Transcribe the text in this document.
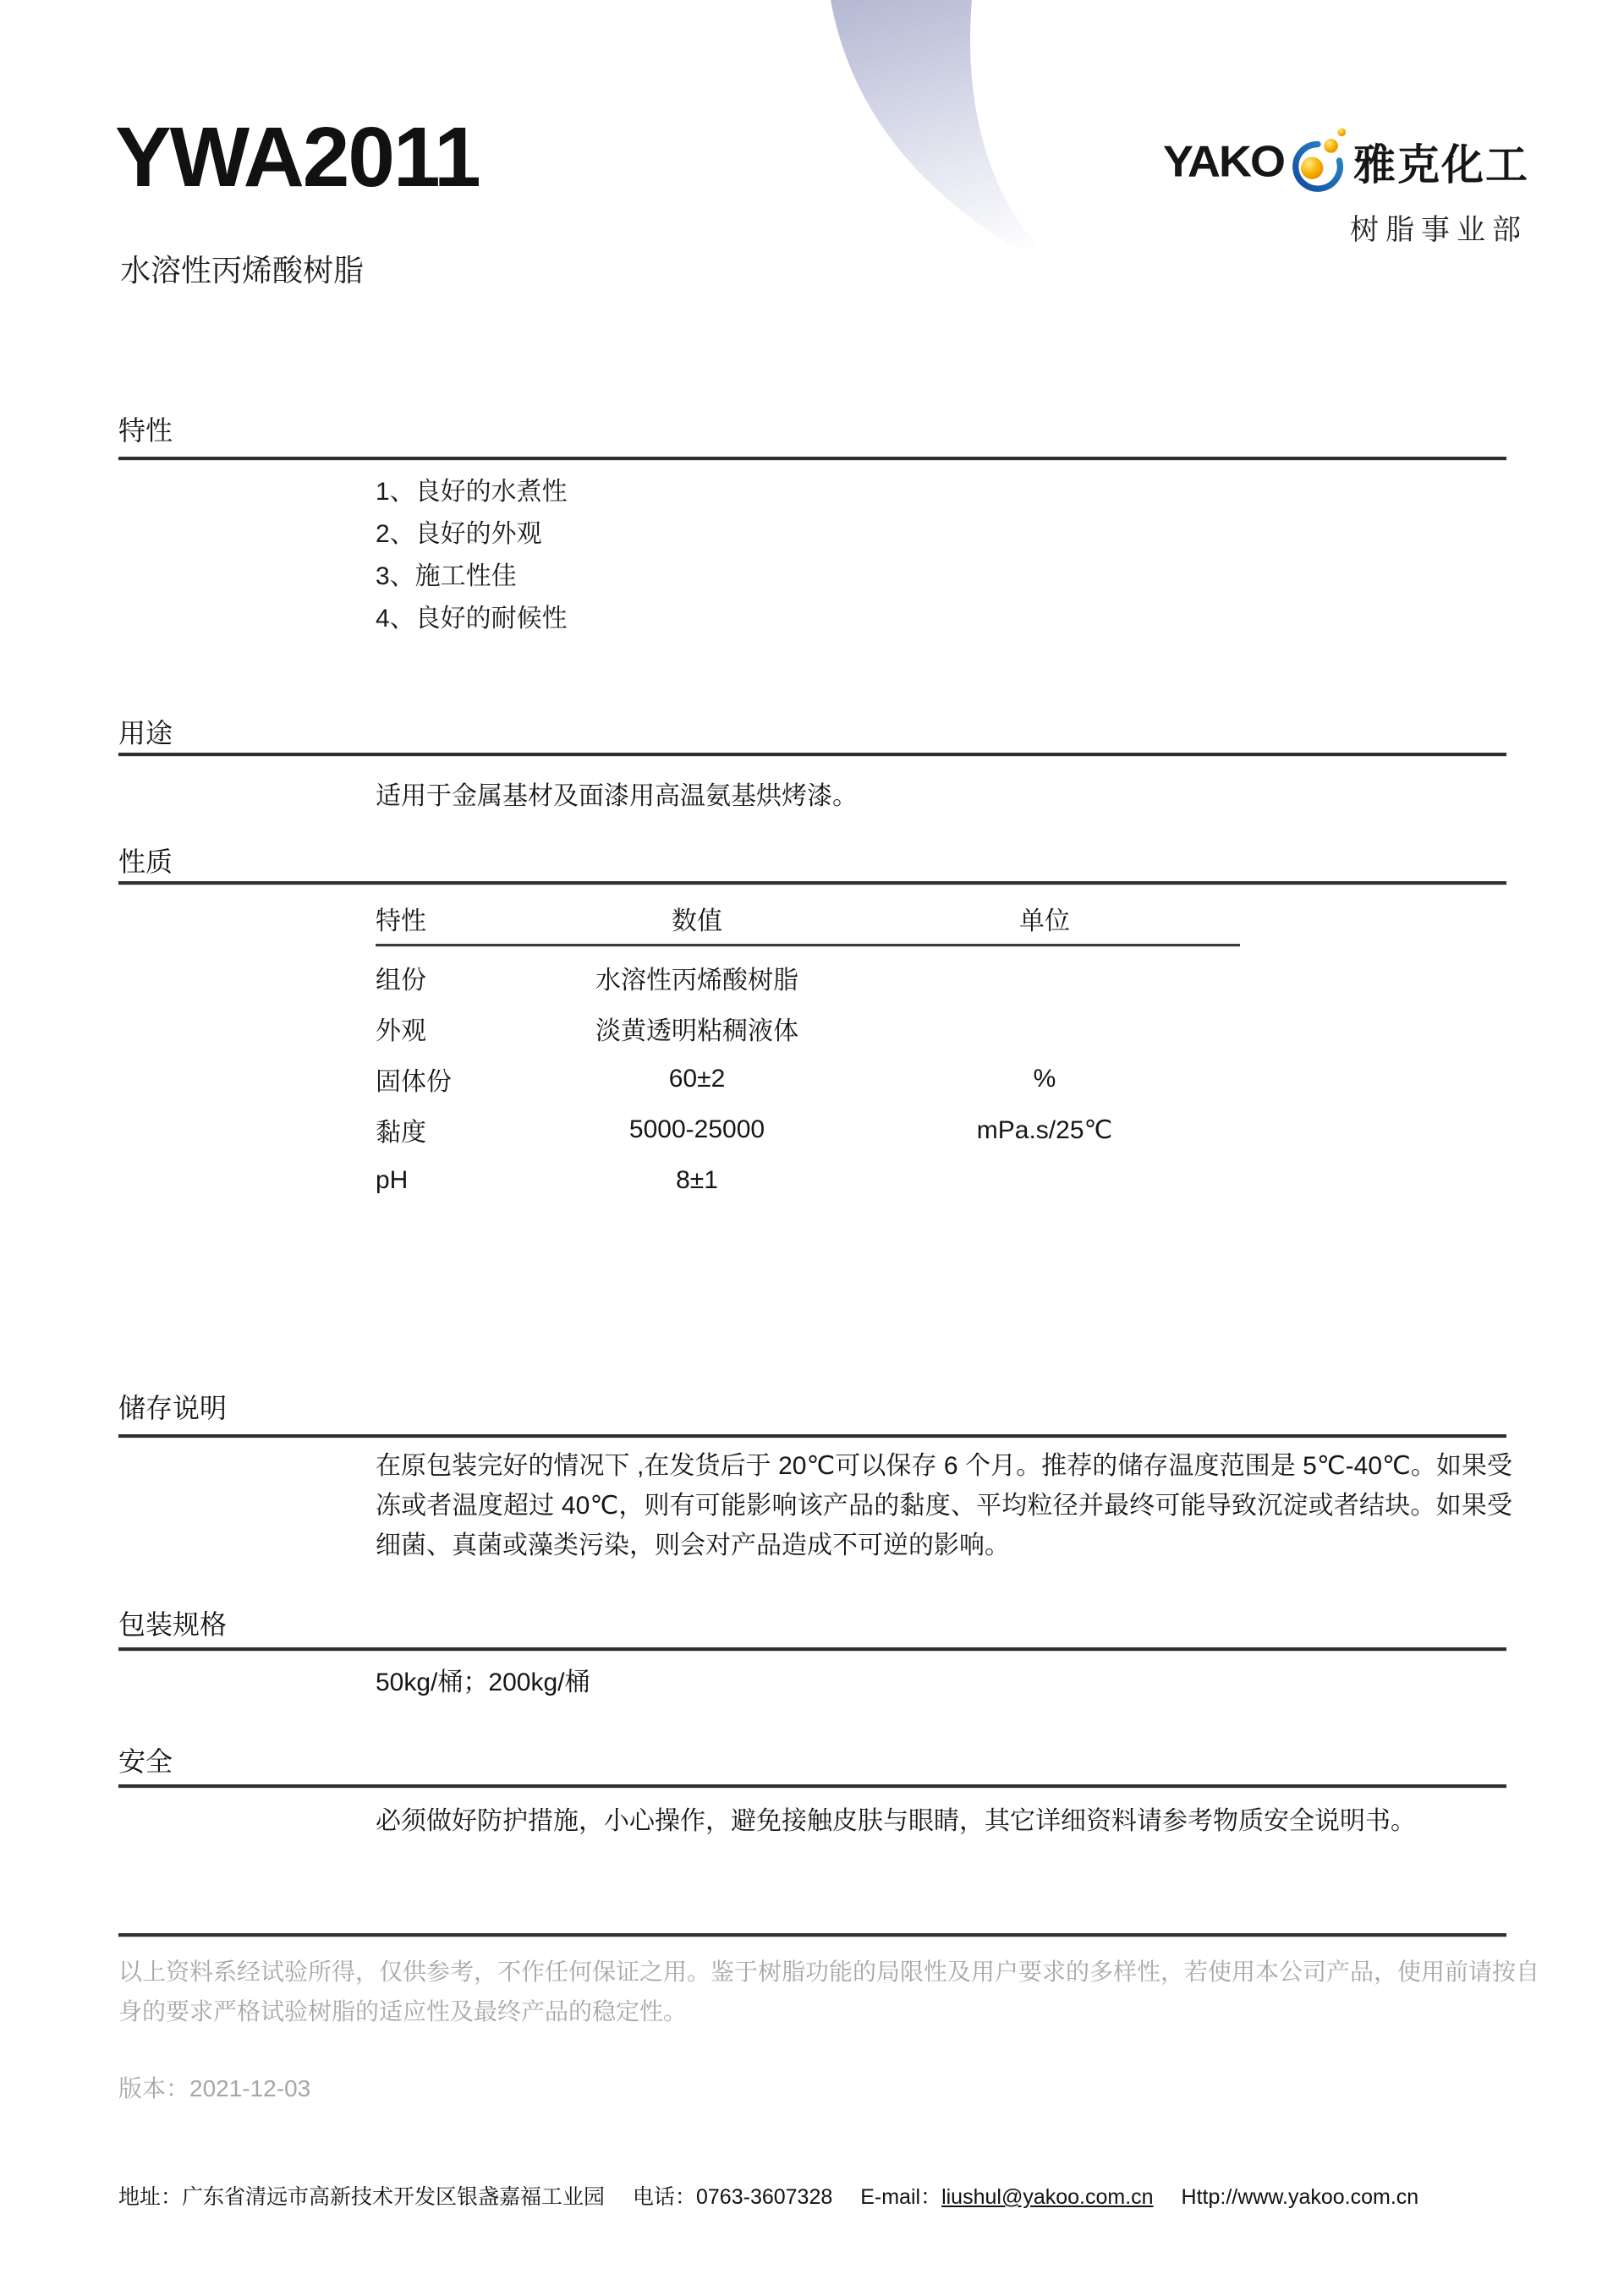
YWA2011
水溶性丙烯酸树脂
YAKO 雅克化工
树脂事业部
特性
1、良好的水煮性
2、良好的外观
3、施工性佳
4、良好的耐候性
用途
适用于金属基材及面漆用高温氨基烘烤漆。
性质
特性	数值	单位
组份	水溶性丙烯酸树脂
外观	淡黄透明粘稠液体
固体份	60±2	%
黏度	5000-25000	mPa.s/25℃
pH	8±1
储存说明
在原包装完好的情况下 ,在发货后于 20℃可以保存 6 个月。推荐的储存温度范围是 5℃-40℃。如果受冻或者温度超过 40℃，则有可能影响该产品的黏度、平均粒径并最终可能导致沉淀或者结块。如果受细菌、真菌或藻类污染，则会对产品造成不可逆的影响。
包装规格
50kg/桶；200kg/桶
安全
必须做好防护措施，小心操作，避免接触皮肤与眼睛，其它详细资料请参考物质安全说明书。
以上资料系经试验所得，仅供参考，不作任何保证之用。鉴于树脂功能的局限性及用户要求的多样性，若使用本公司产品，使用前请按自身的要求严格试验树脂的适应性及最终产品的稳定性。
版本：2021-12-03
地址：广东省清远市高新技术开发区银盏嘉福工业园 电话：0763-3607328 E-mail：liushul@yakoo.com.cn Http://www.yakoo.com.cn
